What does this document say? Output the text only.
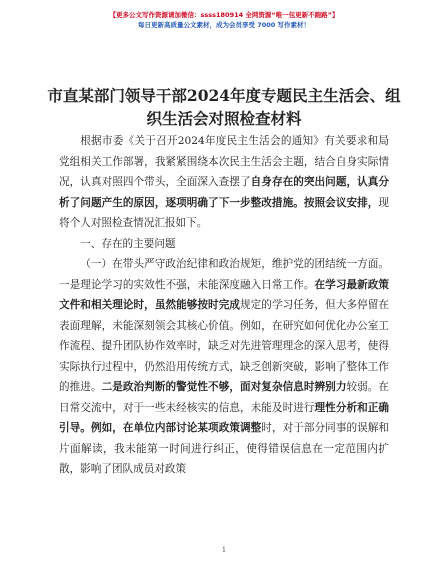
【更多公文写作资源请加微信：ssss180914 全网资源“唯一包更新不跑路”】
每日更新高质量公文素材，成为会员享受 7000 写作素材！
市直某部门领导干部2024年度专题民主生活会、组织生活会对照检查材料

根据市委《关于召开2024年度民主生活会的通知》有关要求和局党组相关工作部署，我紧紧围绕本次民主生活会主题，结合自身实际情况，认真对照四个带头，全面深入查摆了自身存在的突出问题，认真分析了问题产生的原因，逐项明确了下一步整改措施。按照会议安排，现将个人对照检查情况汇报如下。

一、存在的主要问题

（一）在带头严守政治纪律和政治规矩，维护党的团结统一方面。一是理论学习的实效性不强，未能深度融入日常工作。在学习最新政策文件和相关理论时，虽然能够按时完成规定的学习任务，但大多停留在表面理解，未能深刻领会其核心价值。例如，在研究如何优化办公室工作流程、提升团队协作效率时，缺乏对先进管理理念的深入思考，使得实际执行过程中，仍然沿用传统方式，缺乏创新突破，影响了整体工作的推进。二是政治判断的警觉性不够，面对复杂信息时辨别力较弱。在日常交流中，对于一些未经核实的信息，未能及时进行理性分析和正确引导。例如，在单位内部讨论某项政策调整时，对于部分同事的误解和片面解读，我未能第一时间进行纠正，使得错误信息在一定范围内扩散，影响了团队成员对政策

1
